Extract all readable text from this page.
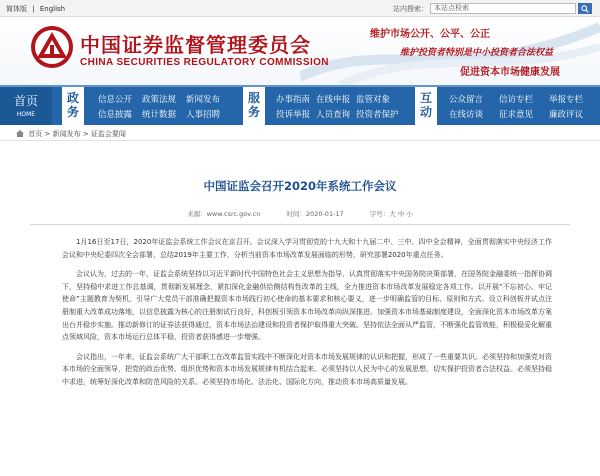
简体版 | English	站内搜索： 本站点检索
中国证券监督管理委员会
CHINA SECURITIES REGULATORY COMMISSION
维护市场公开、公平、公正
维护投资者特别是中小投资者合法权益
促进资本市场健康发展
首页
HOME
政务
信息公开 政策法规 新闻发布
信息披露 统计数据 人事招聘
服务
办事指南 在线申报 监管对象
投诉举报 人员查询 投资者保护
互动
公众留言 信访专栏 举报专栏
在线访谈 征求意见 廉政评议
首页 > 新闻发布 > 证监会要闻
中国证监会召开2020年系统工作会议
来源：www.csrc.gov.cn	时间：2020-01-17	字号：大 中 小

1月16日至17日，2020年证监会系统工作会议在京召开。会议深入学习贯彻党的十九大和十九届二中、三中、四中全会精神，全面贯彻落实中央经济工作会议和中央纪委四次全会部署，总结2019年主要工作，分析当前资本市场改革发展面临的形势，研究部署2020年重点任务。

会议认为，过去的一年，证监会系统坚持以习近平新时代中国特色社会主义思想为指导，认真贯彻落实中央国务院决策部署，在国务院金融委统一指挥协调下，坚持稳中求进工作总基调，贯彻新发展理念，紧扣深化金融供给侧结构性改革的主线，全力推进资本市场改革发展稳定各项工作。以开展“不忘初心、牢记使命”主题教育为契机，引导广大党员干部准确把握资本市场践行初心使命的基本要求和核心要义，进一步明确监管的目标、原则和方式。设立科创板并试点注册制重大改革成功落地，以信息披露为核心的注册制试行良好，科创板引领资本市场改革向纵深推进。加强资本市场基础制度建设，全面深化资本市场改革方案出台并稳步实施。推动新修订的证券法获得通过，资本市场法治建设和投资者保护取得重大突破。坚持依法全面从严监管，不断强化监管效能，积极稳妥化解重点领域风险，资本市场运行总体平稳，投资者获得感进一步增强。

会议指出，一年来，证监会系统广大干部职工在改革监管实践中不断深化对资本市场发展规律的认识和把握，形成了一些重要共识。必须坚持和加强党对资本市场的全面领导，把党的政治优势、组织优势和资本市场发展规律有机结合起来。必须坚持以人民为中心的发展思想，切实保护投资者合法权益。必须坚持稳中求进，统筹好深化改革和防范风险的关系。必须坚持市场化、法治化、国际化方向，推动资本市场高质量发展。
